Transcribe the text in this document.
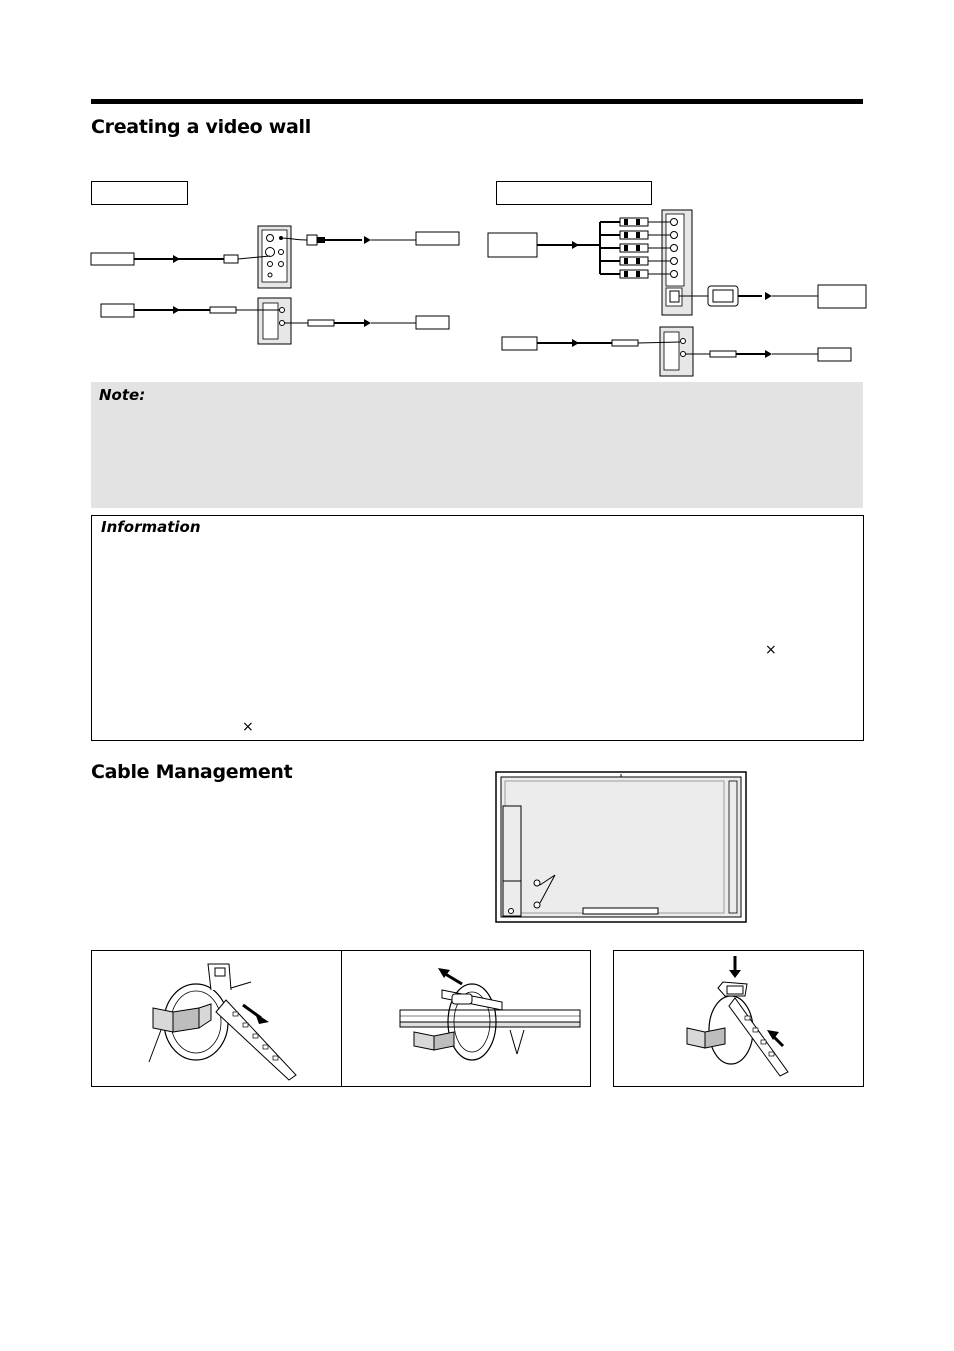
Creating a video wall
Note:
Information
×
×
Cable Management
